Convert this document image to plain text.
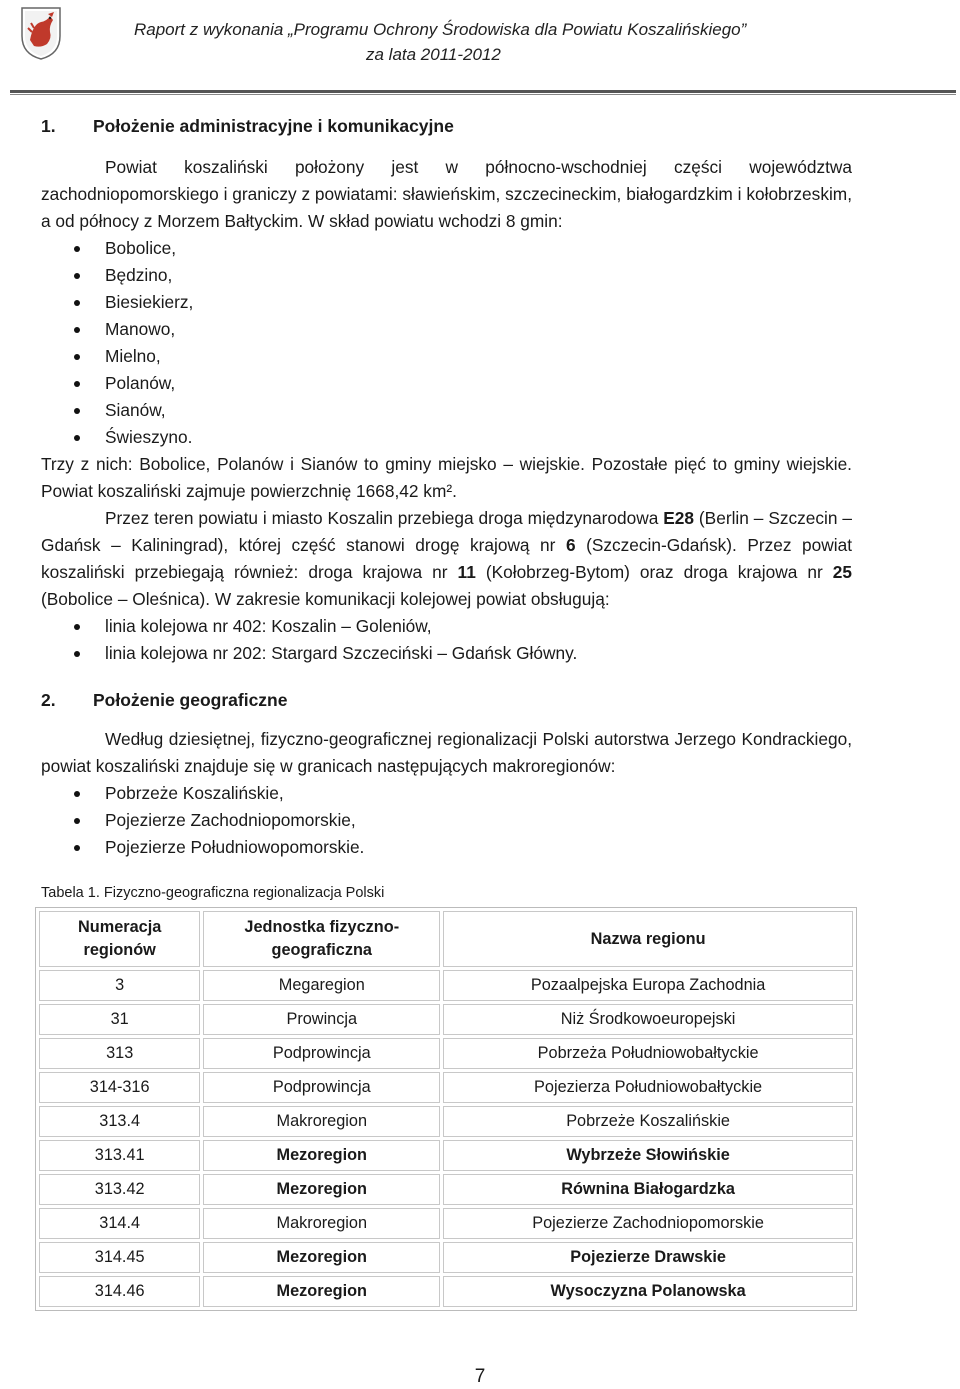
Raport z wykonania „Programu Ochrony Środowiska dla Powiatu Koszalińskiego”
za lata 2011-2012
1. Położenie administracyjne i komunikacyjne

Powiat koszaliński położony jest w północno-wschodniej części województwa zachodniopomorskiego i graniczy z powiatami: sławieńskim, szczecineckim, białogardzkim i kołobrzeskim, a od północy z Morzem Bałtyckim. W skład powiatu wchodzi 8 gmin:

Bobolice,
Będzino,
Biesiekierz,
Manowo,
Mielno,
Polanów,
Sianów,
Świeszyno.

Trzy z nich: Bobolice, Polanów i Sianów to gminy miejsko – wiejskie. Pozostałe pięć to gminy wiejskie. Powiat koszaliński zajmuje powierzchnię 1668,42 km².

Przez teren powiatu i miasto Koszalin przebiega droga międzynarodowa E28 (Berlin – Szczecin – Gdańsk – Kaliningrad), której część stanowi drogę krajową nr 6 (Szczecin-Gdańsk). Przez powiat koszaliński przebiegają również: droga krajowa nr 11 (Kołobrzeg-Bytom) oraz droga krajowa nr 25 (Bobolice – Oleśnica). W zakresie komunikacji kolejowej powiat obsługują:

linia kolejowa nr 402: Koszalin – Goleniów,
linia kolejowa nr 202: Stargard Szczeciński – Gdańsk Główny.
2. Położenie geograficzne

Według dziesiętnej, fizyczno-geograficznej regionalizacji Polski autorstwa Jerzego Kondrackiego, powiat koszaliński znajduje się w granicach następujących makroregionów:

Pobrzeże Koszalińskie,
Pojezierze Zachodniopomorskie,
Pojezierze Południowopomorskie.
Tabela 1. Fizyczno-geograficzna regionalizacja Polski
Numeracja regionów	Jednostka fizyczno-geograficzna	Nazwa regionu
3	Megaregion	Pozaalpejska Europa Zachodnia
31	Prowincja	Niż Środkowoeuropejski
313	Podprowincja	Pobrzeża Południowobałtyckie
314-316	Podprowincja	Pojezierza Południowobałtyckie
313.4	Makroregion	Pobrzeże Koszalińskie
313.41	Mezoregion	Wybrzeże Słowińskie
313.42	Mezoregion	Równina Białogardzka
314.4	Makroregion	Pojezierze Zachodniopomorskie
314.45	Mezoregion	Pojezierze Drawskie
314.46	Mezoregion	Wysoczyzna Polanowska
7
